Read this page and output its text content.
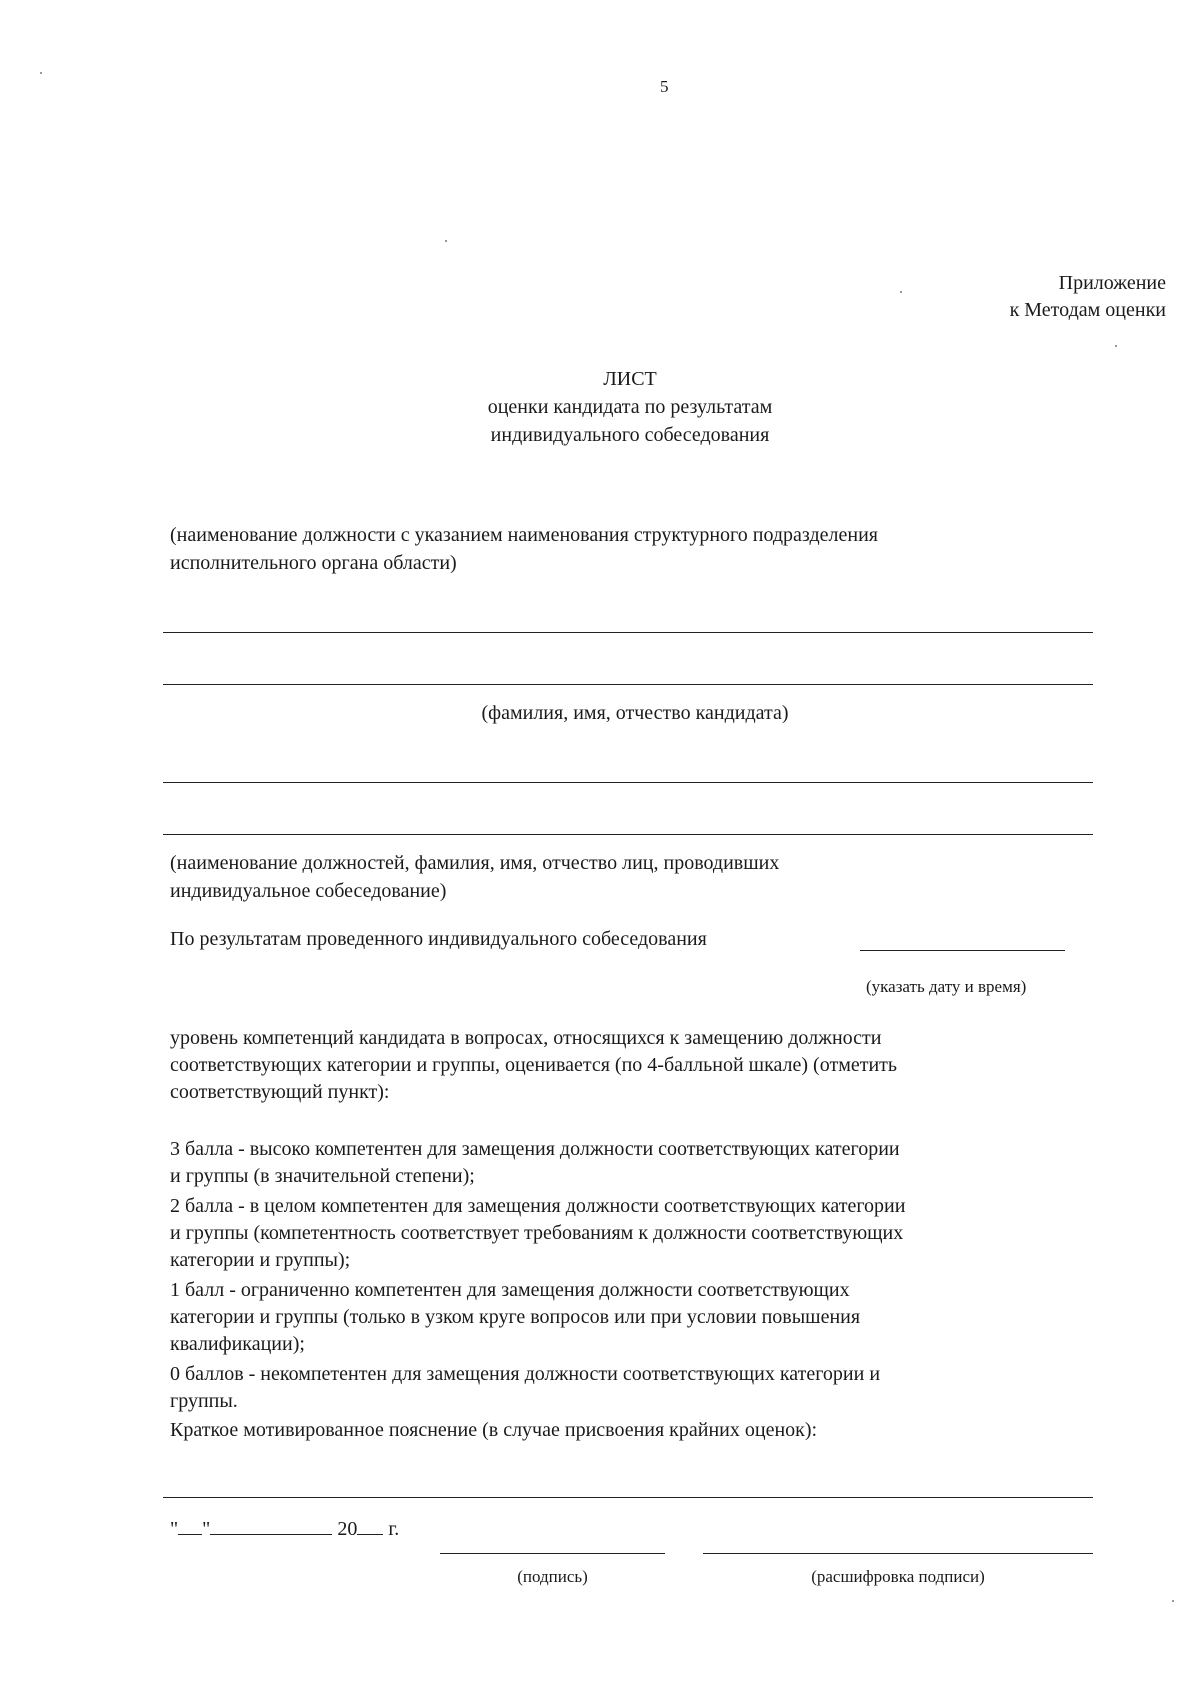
5
Приложение
к Методам оценки
ЛИСТ
оценки кандидата по результатам
индивидуального собеседования
(наименование должности с указанием наименования структурного подразделения
исполнительного органа области)
(фамилия, имя, отчество кандидата)
(наименование должностей, фамилия, имя, отчество лиц, проводивших
индивидуальное собеседование)
По результатам проведенного индивидуального собеседования
(указать дату и время)
уровень компетенций кандидата в вопросах, относящихся к замещению должности
соответствующих категории и группы, оценивается (по 4-балльной шкале) (отметить
соответствующий пункт):
3 балла - высоко компетентен для замещения должности соответствующих категории
и группы (в значительной степени);
2 балла - в целом компетентен для замещения должности соответствующих категории
и группы (компетентность соответствует требованиям к должности соответствующих
категории и группы);
1 балл - ограниченно компетентен для замещения должности соответствующих
категории и группы (только в узком круге вопросов или при условии повышения
квалификации);
0 баллов - некомпетентен для замещения должности соответствующих категории и
группы.
Краткое мотивированное пояснение (в случае присвоения крайних оценок):
" "	20 г.
(подпись)	(расшифровка подписи)
